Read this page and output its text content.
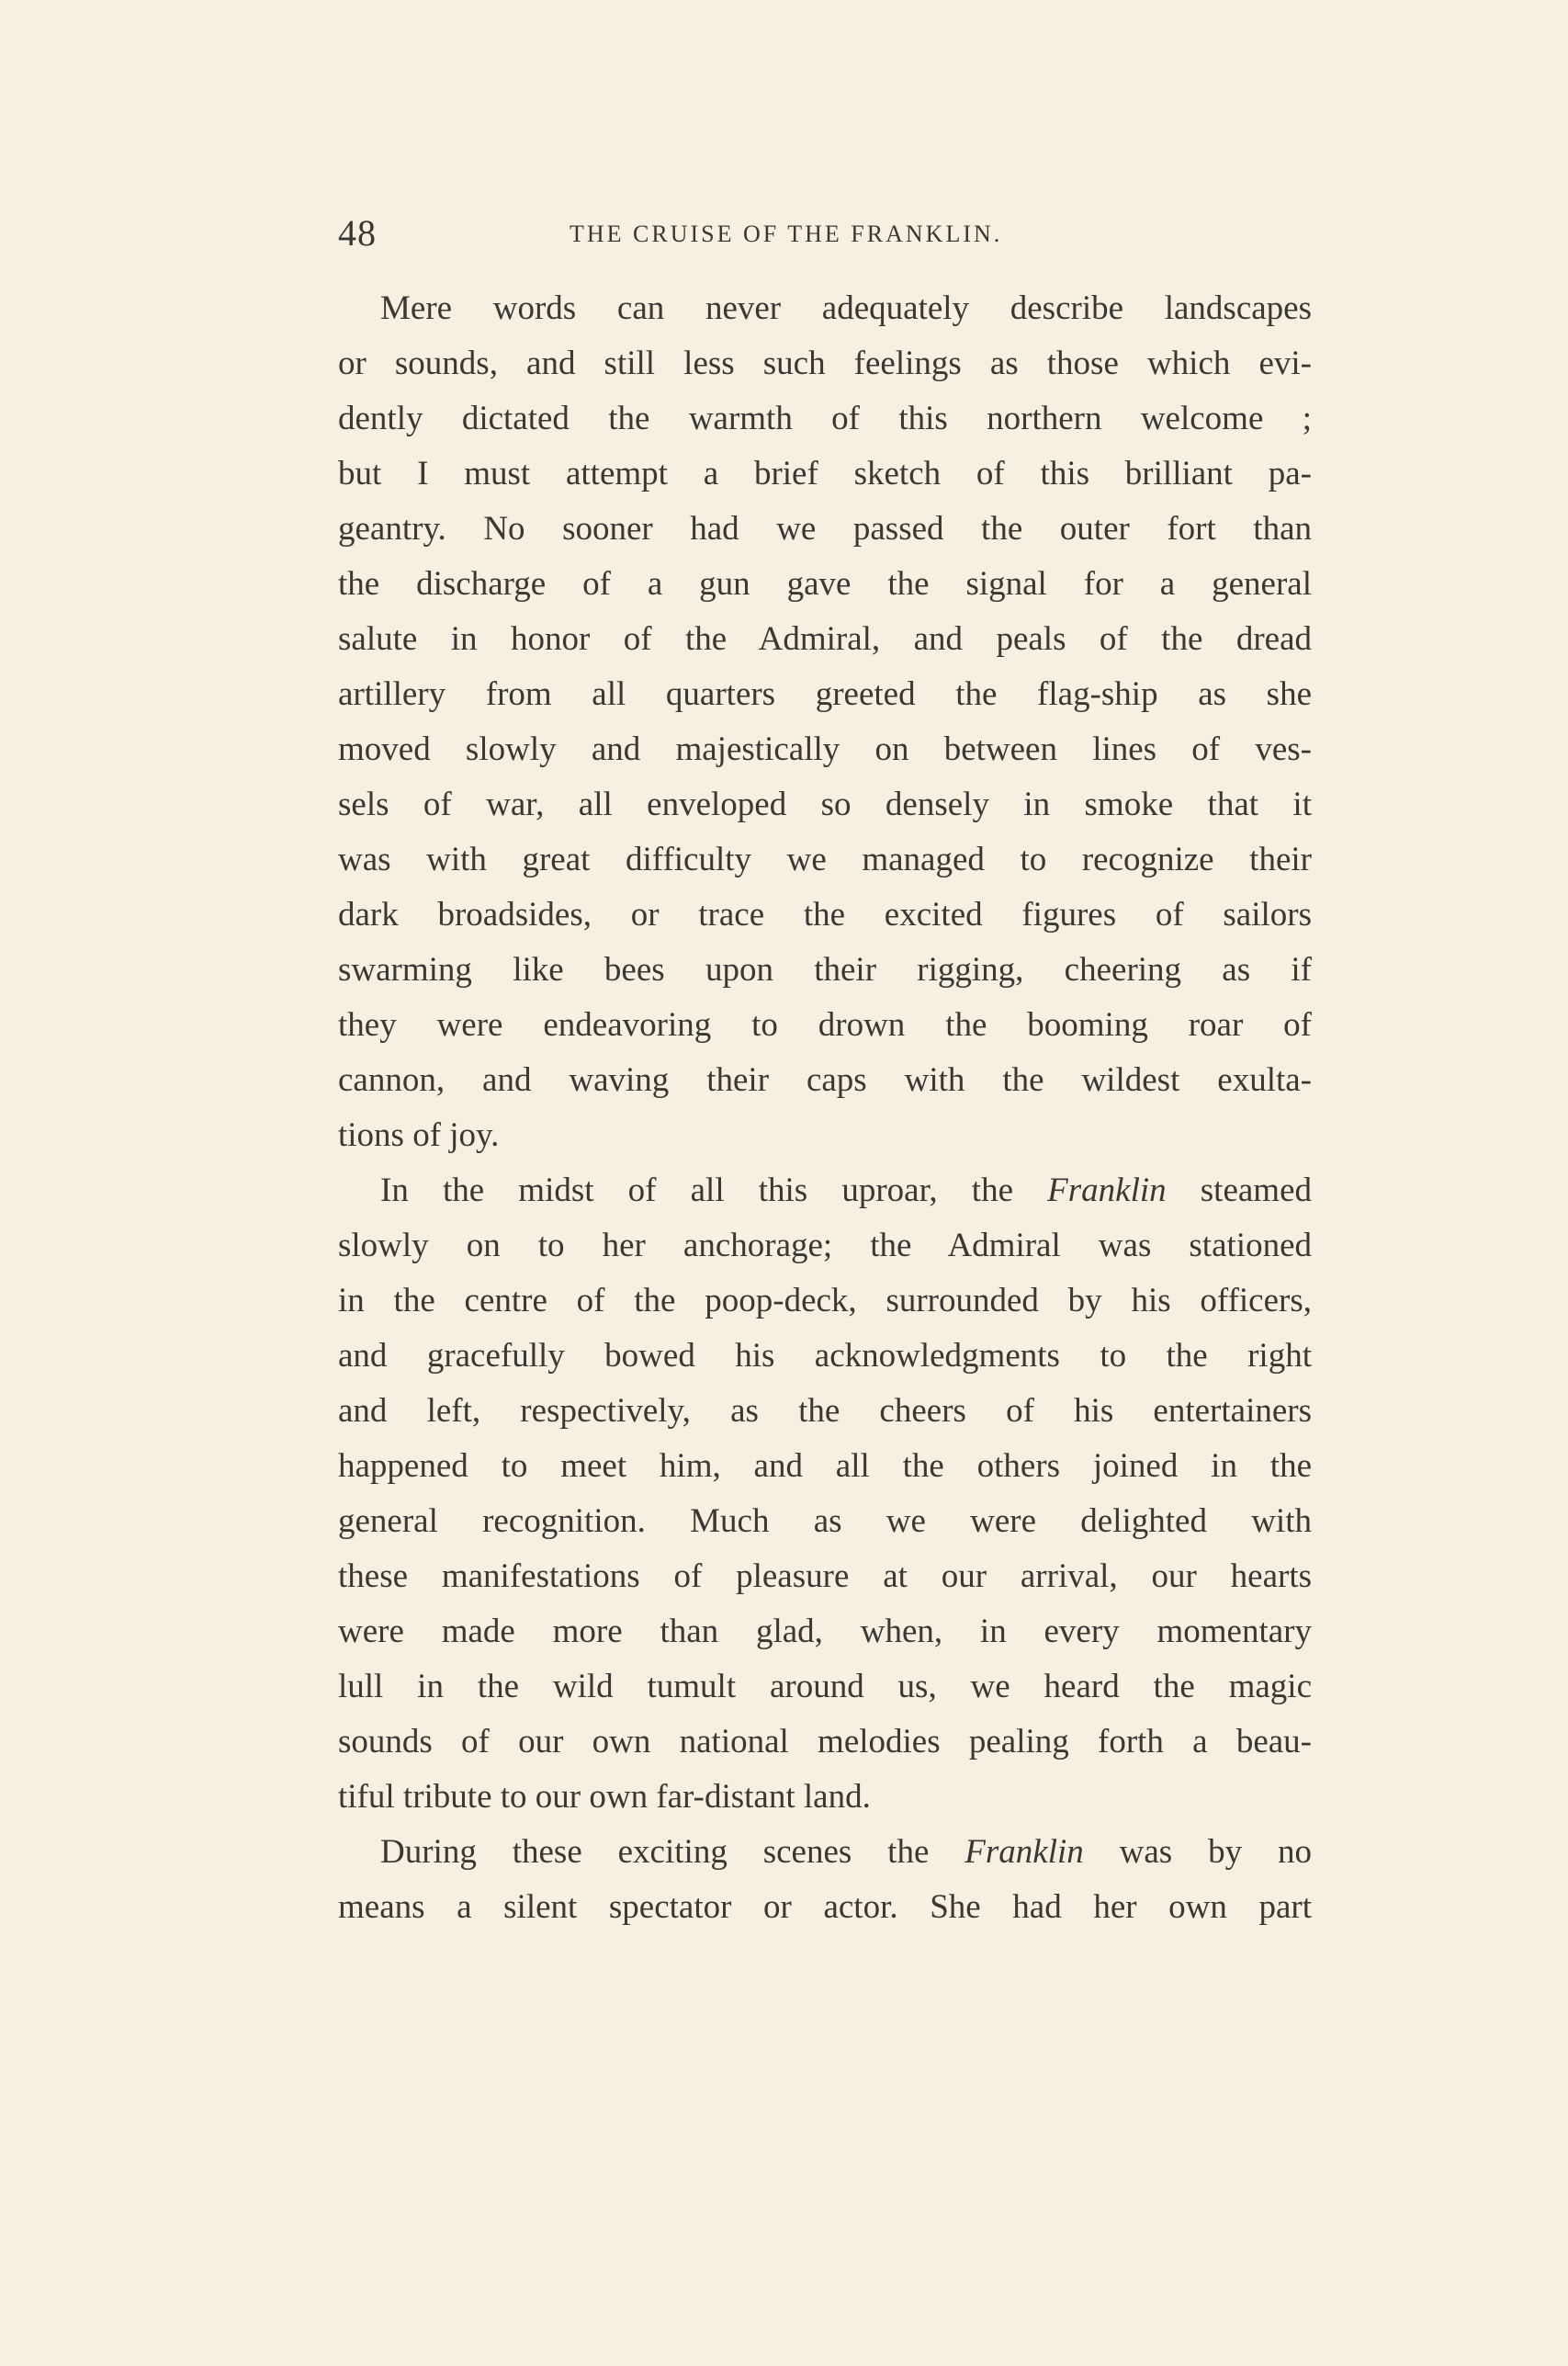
48	THE CRUISE OF THE FRANKLIN.
Mere words can never adequately describe landscapes
or sounds, and still less such feelings as those which evi-
dently dictated the warmth of this northern welcome ;
but I must attempt a brief sketch of this brilliant pa-
geantry. No sooner had we passed the outer fort than
the discharge of a gun gave the signal for a general
salute in honor of the Admiral, and peals of the dread
artillery from all quarters greeted the flag-ship as she
moved slowly and majestically on between lines of ves-
sels of war, all enveloped so densely in smoke that it
was with great difficulty we managed to recognize their
dark broadsides, or trace the excited figures of sailors
swarming like bees upon their rigging, cheering as if
they were endeavoring to drown the booming roar of
cannon, and waving their caps with the wildest exulta-
tions of joy.
In the midst of all this uproar, the Franklin steamed
slowly on to her anchorage; the Admiral was stationed
in the centre of the poop-deck, surrounded by his officers,
and gracefully bowed his acknowledgments to the right
and left, respectively, as the cheers of his entertainers
happened to meet him, and all the others joined in the
general recognition. Much as we were delighted with
these manifestations of pleasure at our arrival, our hearts
were made more than glad, when, in every momentary
lull in the wild tumult around us, we heard the magic
sounds of our own national melodies pealing forth a beau-
tiful tribute to our own far-distant land.
During these exciting scenes the Franklin was by no
means a silent spectator or actor. She had her own part
